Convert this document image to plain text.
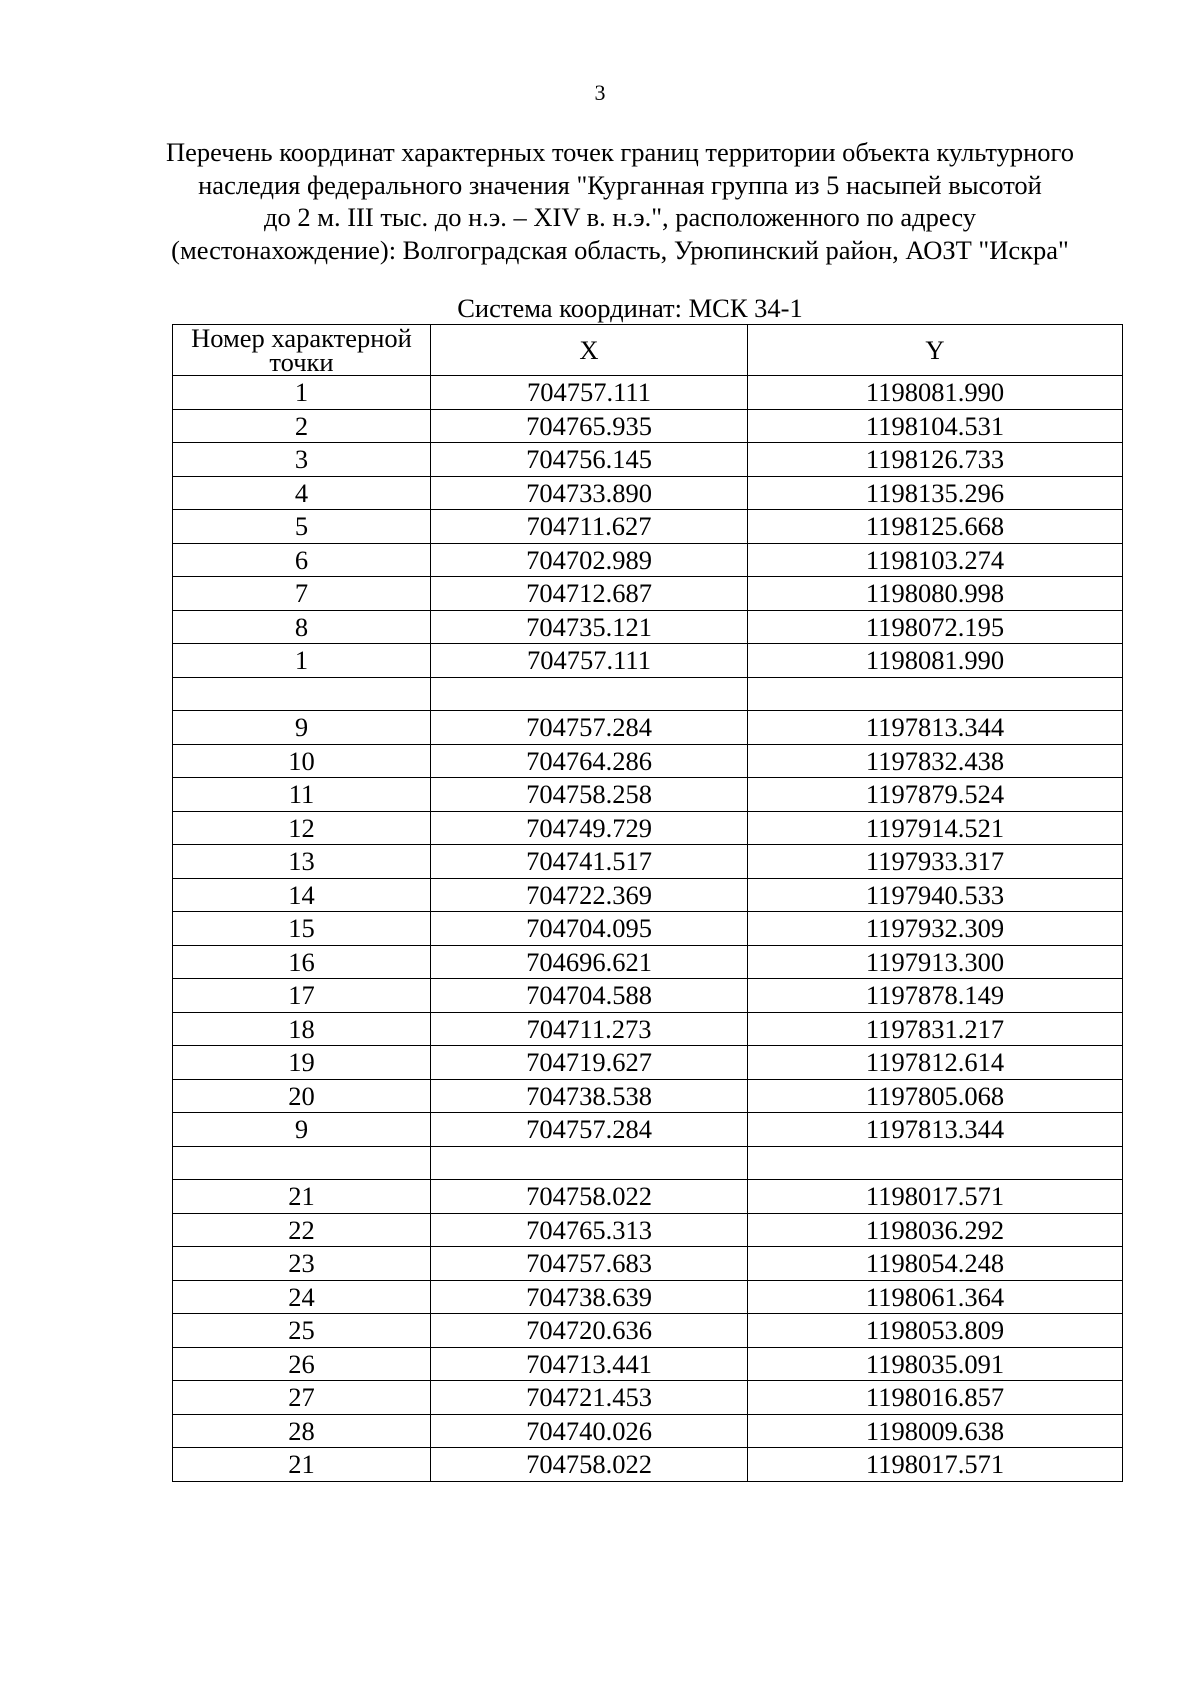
3
Перечень координат характерных точек границ территории объекта культурного
наследия федерального значения "Курганная группа из 5 насыпей высотой
до 2 м. III тыс. до н.э. – XIV в. н.э.", расположенного по адресу
(местонахождение): Волгоградская область, Урюпинский район, АОЗТ "Искра"
Система координат: МСК 34-1
Номер характерной точки	X	Y
1	704757.111	1198081.990
2	704765.935	1198104.531
3	704756.145	1198126.733
4	704733.890	1198135.296
5	704711.627	1198125.668
6	704702.989	1198103.274
7	704712.687	1198080.998
8	704735.121	1198072.195
1	704757.111	1198081.990

9	704757.284	1197813.344
10	704764.286	1197832.438
11	704758.258	1197879.524
12	704749.729	1197914.521
13	704741.517	1197933.317
14	704722.369	1197940.533
15	704704.095	1197932.309
16	704696.621	1197913.300
17	704704.588	1197878.149
18	704711.273	1197831.217
19	704719.627	1197812.614
20	704738.538	1197805.068
9	704757.284	1197813.344

21	704758.022	1198017.571
22	704765.313	1198036.292
23	704757.683	1198054.248
24	704738.639	1198061.364
25	704720.636	1198053.809
26	704713.441	1198035.091
27	704721.453	1198016.857
28	704740.026	1198009.638
21	704758.022	1198017.571
